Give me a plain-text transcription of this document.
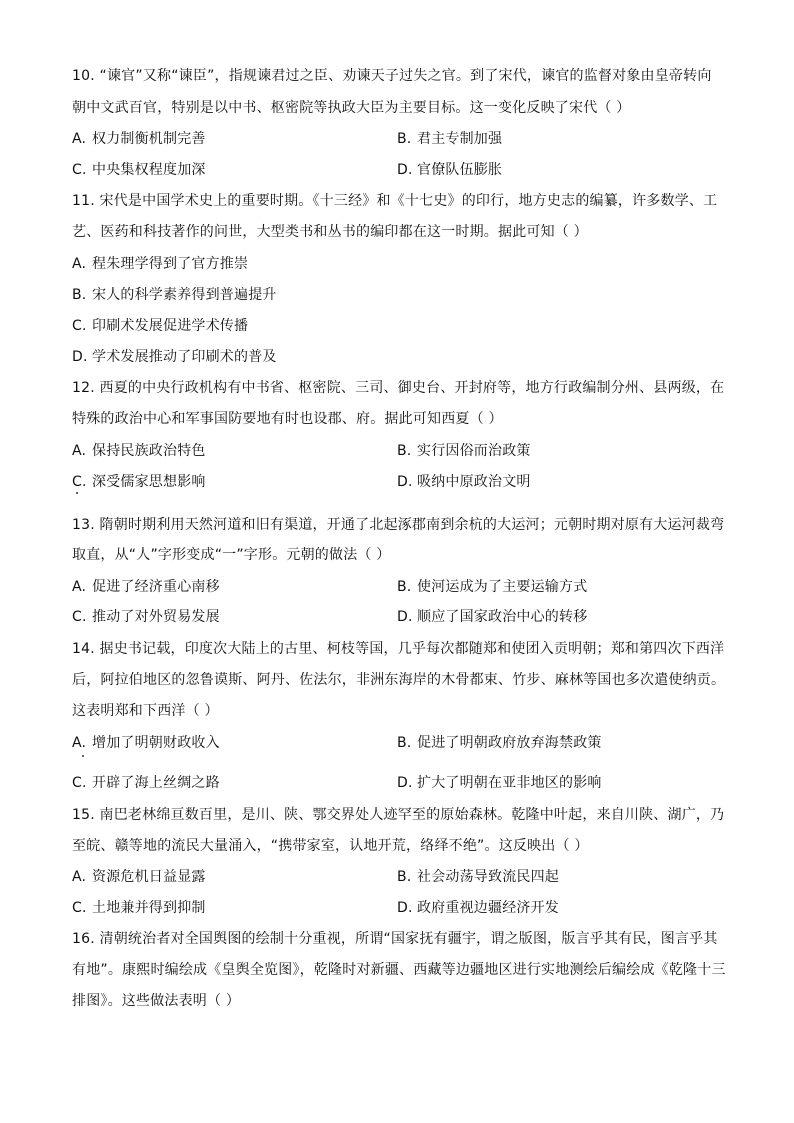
10. “谏官”又称“谏臣”，指规谏君过之臣、劝谏天子过失之官。到了宋代，谏官的监督对象由皇帝转向
朝中文武百官，特别是以中书、枢密院等执政大臣为主要目标。这一变化反映了宋代（ ）
A. 权力制衡机制完善	B. 君主专制加强
C. 中央集权程度加深	D. 官僚队伍膨胀
11. 宋代是中国学术史上的重要时期。《十三经》和《十七史》的印行，地方史志的编纂，许多数学、工
艺、医药和科技著作的问世，大型类书和丛书的编印都在这一时期。据此可知（ ）
A. 程朱理学得到了官方推崇
B. 宋人的科学素养得到普遍提升
C. 印刷术发展促进学术传播
D. 学术发展推动了印刷术的普及
12. 西夏的中央行政机构有中书省、枢密院、三司、御史台、开封府等，地方行政编制分州、县两级，在
特殊的政治中心和军事国防要地有时也设郡、府。据此可知西夏（ ）
A. 保持民族政治特色	B. 实行因俗而治政策
C. 深受儒家思想影响	D. 吸纳中原政治文明
13. 隋朝时期利用天然河道和旧有渠道，开通了北起涿郡南到余杭的大运河；元朝时期对原有大运河裁弯
取直，从“人”字形变成“一”字形。元朝的做法（ ）
A. 促进了经济重心南移	B. 使河运成为了主要运输方式
C. 推动了对外贸易发展	D. 顺应了国家政治中心的转移
14. 据史书记载，印度次大陆上的古里、柯枝等国，几乎每次都随郑和使团入贡明朝；郑和第四次下西洋
后，阿拉伯地区的忽鲁谟斯、阿丹、佐法尔，非洲东海岸的木骨都束、竹步、麻林等国也多次遣使纳贡。
这表明郑和下西洋（ ）
A. 增加了明朝财政收入	B. 促进了明朝政府放弃海禁政策
C. 开辟了海上丝绸之路	D. 扩大了明朝在亚非地区的影响
15. 南巴老林绵亘数百里，是川、陕、鄂交界处人迹罕至的原始森林。乾隆中叶起，来自川陕、湖广，乃
至皖、赣等地的流民大量涌入，“携带家室，认地开荒，络绎不绝”。这反映出（ ）
A. 资源危机日益显露	B. 社会动荡导致流民四起
C. 土地兼并得到抑制	D. 政府重视边疆经济开发
16. 清朝统治者对全国舆图的绘制十分重视，所谓“国家抚有疆宇，谓之版图，版言乎其有民，图言乎其
有地”。康熙时编绘成《皇舆全览图》，乾隆时对新疆、西藏等边疆地区进行实地测绘后编绘成《乾隆十三
排图》。这些做法表明（ ）
